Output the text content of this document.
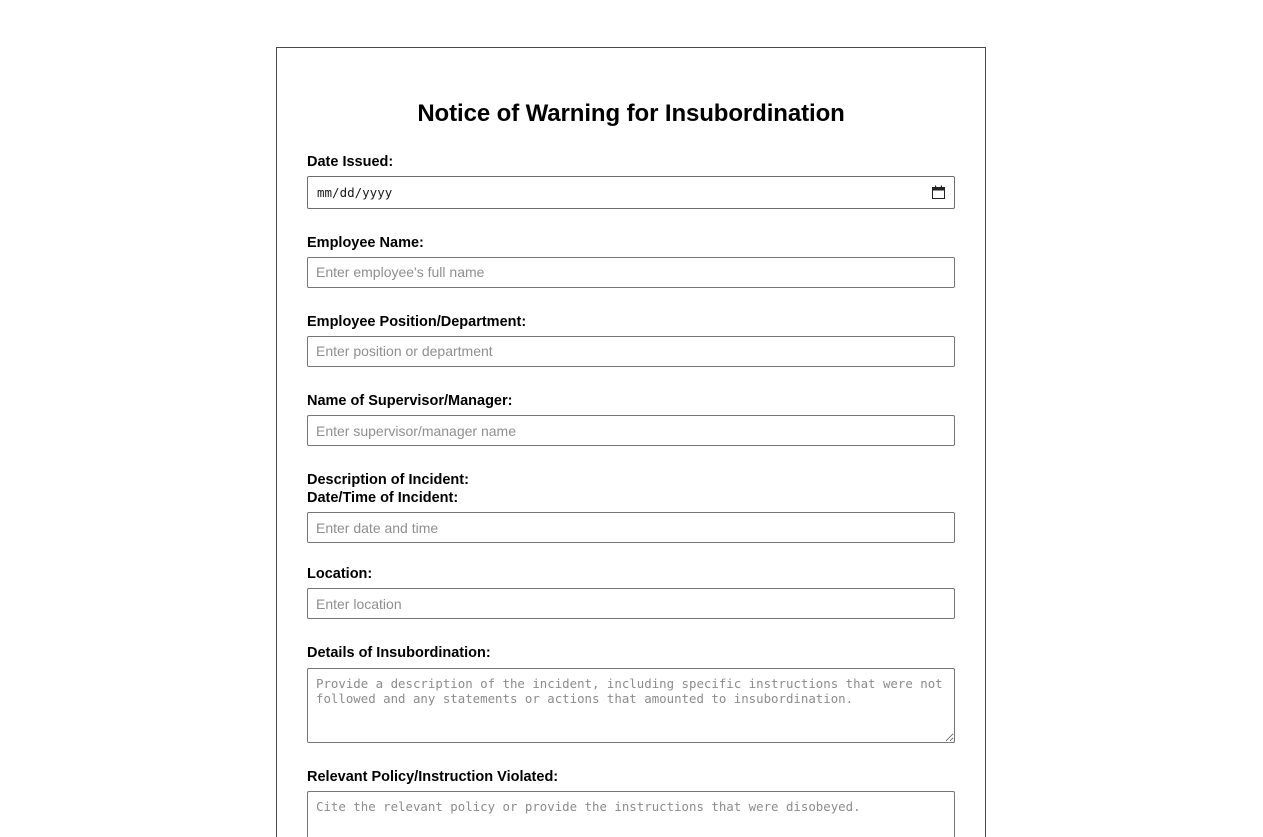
Notice of Warning for Insubordination
Date Issued:
mm/dd/yyyy
Employee Name:
Enter employee's full name
Employee Position/Department:
Enter position or department
Name of Supervisor/Manager:
Enter supervisor/manager name
Description of Incident:
Date/Time of Incident:
Enter date and time
Location:
Enter location
Details of Insubordination:
Provide a description of the incident, including specific instructions that were not followed and any statements or actions that amounted to insubordination.
Relevant Policy/Instruction Violated:
Cite the relevant policy or provide the instructions that were disobeyed.
